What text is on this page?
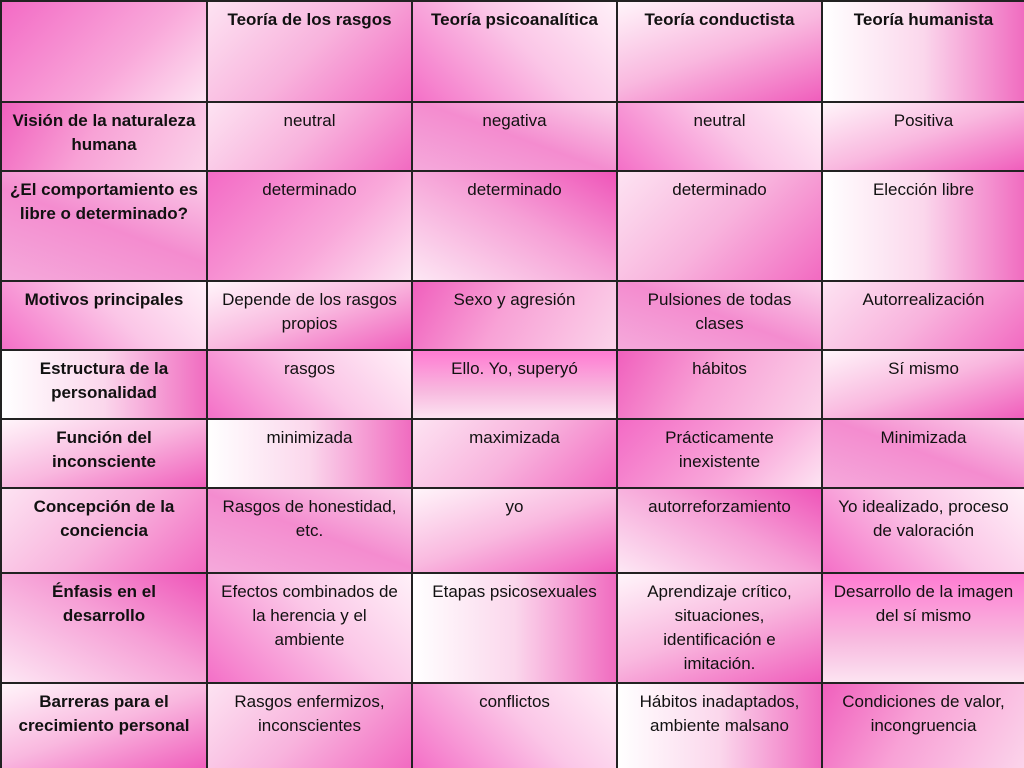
	Teoría de los rasgos	Teoría psicoanalítica	Teoría conductista	Teoría humanista
Visión de la naturaleza humana	neutral	negativa	neutral	Positiva
¿El comportamiento es libre o determinado?	determinado	determinado	determinado	Elección libre
Motivos principales	Depende de los rasgos propios	Sexo y agresión	Pulsiones de todas clases	Autorrealización
Estructura de la personalidad	rasgos	Ello. Yo, superyó	hábitos	Sí mismo
Función del inconsciente	minimizada	maximizada	Prácticamente inexistente	Minimizada
Concepción de la conciencia	Rasgos de honestidad, etc.	yo	autorreforzamiento	Yo idealizado, proceso de valoración
Énfasis en el desarrollo	Efectos combinados de la herencia y el ambiente	Etapas psicosexuales	Aprendizaje crítico, situaciones, identificación e imitación.	Desarrollo de la imagen del sí mismo
Barreras para el crecimiento personal	Rasgos enfermizos, inconscientes	conflictos	Hábitos inadaptados, ambiente malsano	Condiciones de valor, incongruencia
